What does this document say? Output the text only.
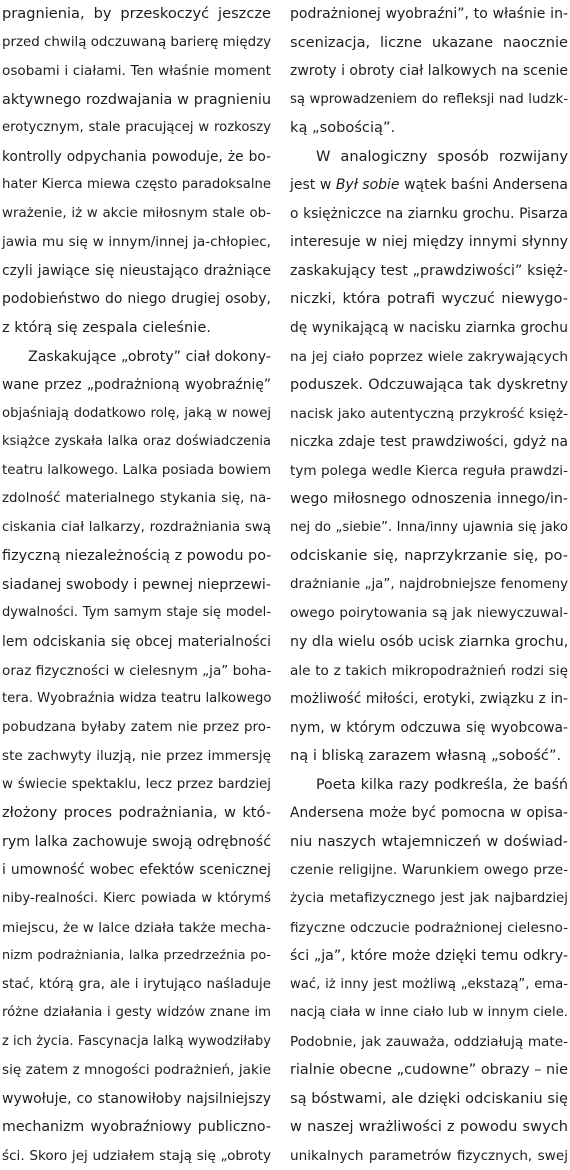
pragnienia, by przeskoczyć jeszcze
przed chwilą odczuwaną barierę między
osobami i ciałami. Ten właśnie moment
aktywnego rozdwajania w pragnieniu
erotycznym, stale pracującej w rozkoszy
kontrolly odpychania powoduje, że bo-
hater Kierca miewa często paradoksalne
wrażenie, iż w akcie miłosnym stale ob-
jawia mu się w innym/innej ja-chłopiec,
czyli jawiące się nieustająco drażniące
podobieństwo do niego drugiej osoby,
z którą się zespala cieleśnie.
Zaskakujące „obroty” ciał dokony-
wane przez „podrażnioną wyobraźnię”
objaśniają dodatkowo rolę, jaką w nowej
książce zyskała lalka oraz doświadczenia
teatru lalkowego. Lalka posiada bowiem
zdolność materialnego stykania się, na-
ciskania ciał lalkarzy, rozdrażniania swą
fizyczną niezależnością z powodu po-
siadanej swobody i pewnej nieprzewi-
dywalności. Tym samym staje się model-
lem odciskania się obcej materialności
oraz fizyczności w cielesnym „ja” boha-
tera. Wyobraźnia widza teatru lalkowego
pobudzana byłaby zatem nie przez pro-
ste zachwyty iluzją, nie przez immersję
w świecie spektaklu, lecz przez bardziej
złożony proces podrażniania, w któ-
rym lalka zachowuje swoją odrębność
i umowność wobec efektów scenicznej
niby-realności. Kierc powiada w którymś
miejscu, że w lalce działa także mecha-
nizm podrażniania, lalka przedrzeźnia po-
stać, którą gra, ale i irytująco naśladuje
różne działania i gesty widzów znane im
z ich życia. Fascynacja lalką wywodziłaby
się zatem z mnogości podrażnień, jakie
wywołuje, co stanowiłoby najsilniejszy
mechanizm wyobraźniowy publiczno-
ści. Skoro jej udziałem stają się „obroty
podrażnionej wyobraźni”, to właśnie in-
scenizacja, liczne ukazane naocznie
zwroty i obroty ciał lalkowych na scenie
są wprowadzeniem do refleksji nad ludzk-
ką „sobością”.
W analogiczny sposób rozwijany
jest w Był sobie wątek baśni Andersena
o księżniczce na ziarnku grochu. Pisarza
interesuje w niej między innymi słynny
zaskakujący test „prawdziwości” księż-
niczki, która potrafi wyczuć niewygo-
dę wynikającą w nacisku ziarnka grochu
na jej ciało poprzez wiele zakrywających
poduszek. Odczuwająca tak dyskretny
nacisk jako autentyczną przykrość księż-
niczka zdaje test prawdziwości, gdyż na
tym polega wedle Kierca reguła prawdzi-
wego miłosnego odnoszenia innego/in-
nej do „siebie”. Inna/inny ujawnia się jako
odciskanie się, naprzykrzanie się, po-
drażnianie „ja”, najdrobniejsze fenomeny
owego poirytowania są jak niewyczuwal-
ny dla wielu osób ucisk ziarnka grochu,
ale to z takich mikropodrażnień rodzi się
możliwość miłości, erotyki, związku z in-
nym, w którym odczuwa się wyobcowa-
ną i bliską zarazem własną „sobość”.
Poeta kilka razy podkreśla, że baśń
Andersena może być pomocna w opisa-
niu naszych wtajemniczeń w doświad-
czenie religijne. Warunkiem owego prze-
życia metafizycznego jest jak najbardziej
fizyczne odczucie podrażnionej cielesno-
ści „ja”, które może dzięki temu odkry-
wać, iż inny jest możliwą „ekstazą”, ema-
nacją ciała w inne ciało lub w innym ciele.
Podobnie, jak zauważa, oddziałują mate-
rialnie obecne „cudowne” obrazy – nie
są bóstwami, ale dzięki odciskaniu się
w naszej wrażliwości z powodu swych
unikalnych parametrów fizycznych, swej
